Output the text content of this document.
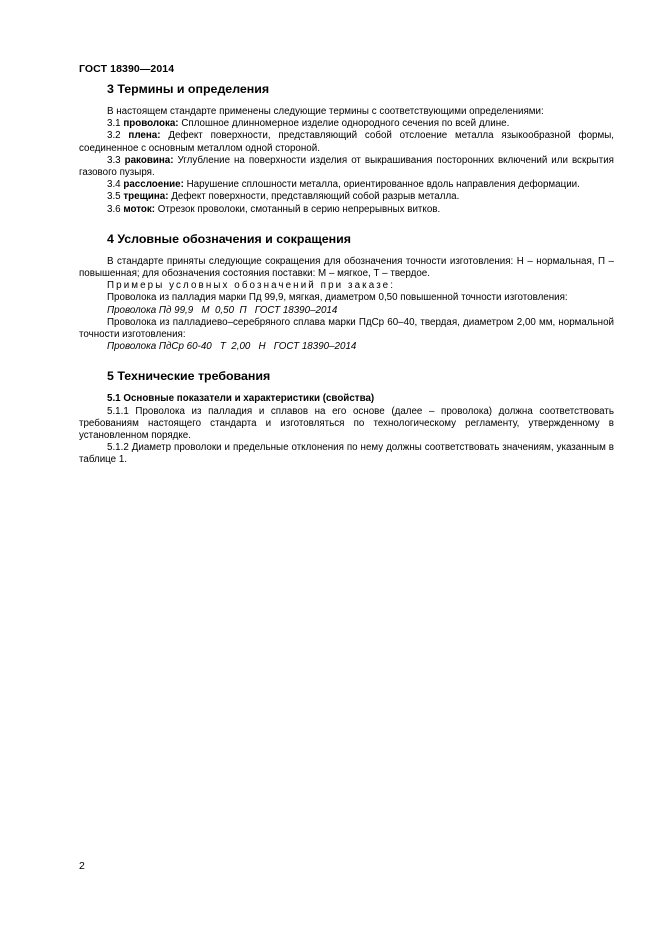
ГОСТ 18390—2014
3 Термины и определения

В настоящем стандарте применены следующие термины с соответствующими определениями:

3.1 проволока: Сплошное длинномерное изделие однородного сечения по всей длине.

3.2 плена: Дефект поверхности, представляющий собой отслоение металла языкообразной формы, соединенное с основным металлом одной стороной.

3.3 раковина: Углубление на поверхности изделия от выкрашивания посторонних включений или вскрытия газового пузыря.

3.4 расслоение: Нарушение сплошности металла, ориентированное вдоль направления деформации.

3.5 трещина: Дефект поверхности, представляющий собой разрыв металла.

3.6 моток: Отрезок проволоки, смотанный в серию непрерывных витков.

4 Условные обозначения и сокращения

В стандарте приняты следующие сокращения для обозначения точности изготовления: Н – нормальная, П – повышенная; для обозначения состояния поставки: М – мягкое, Т – твердое.

Примеры условных обозначений при заказе:

Проволока из палладия марки Пд 99,9, мягкая, диаметром 0,50 повышенной точности изготовления:

Проволока Пд 99,9   М  0,50  П   ГОСТ 18390–2014

Проволока из палладиево–серебряного сплава марки ПдСр 60–40, твердая, диаметром 2,00 мм, нормальной точности изготовления:

Проволока ПдСр 60-40   Т  2,00   Н   ГОСТ 18390–2014

5 Технические требования
5.1 Основные показатели и характеристики (свойства)

5.1.1 Проволока из палладия и сплавов на его основе (далее – проволока) должна соответствовать требованиям настоящего стандарта и изготовляться по технологическому регламенту, утвержденному в установленном порядке.

5.1.2 Диаметр проволоки и предельные отклонения по нему должны соответствовать значениям, указанным в таблице 1.

2
